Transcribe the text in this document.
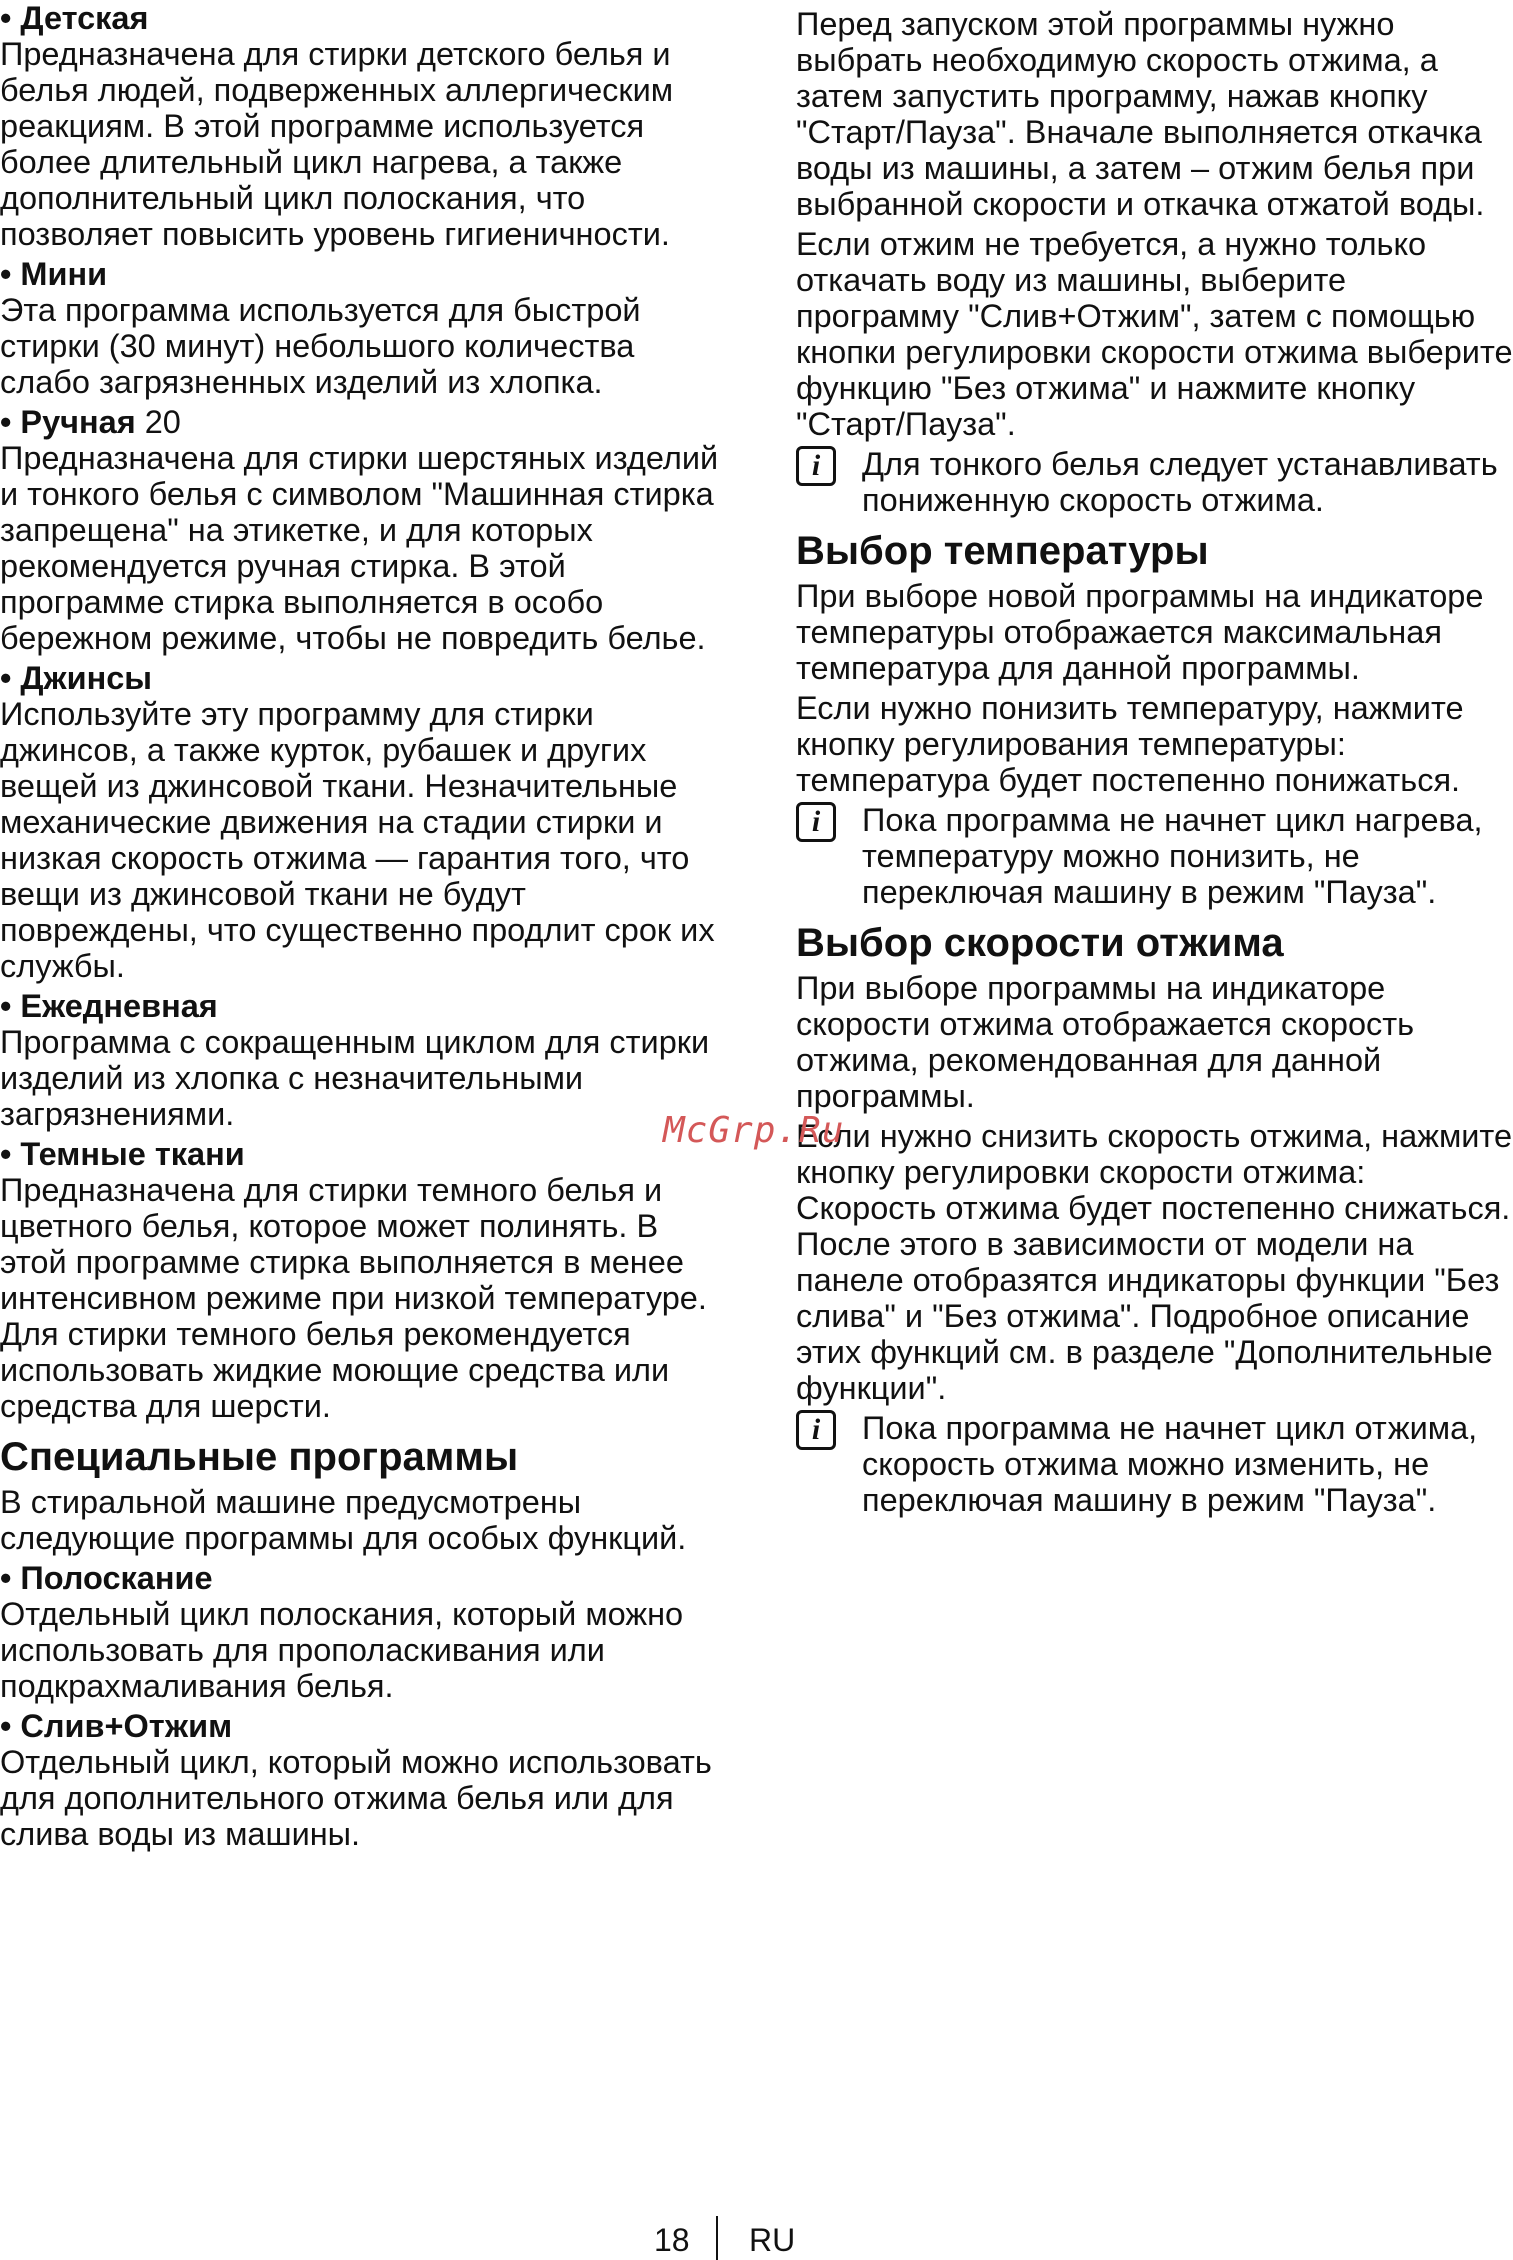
• Детская

Предназначена для стирки детского белья и белья людей, подверженных аллергическим реакциям. В этой программе используется более длительный цикл нагрева, а также дополнительный цикл полоскания, что позволяет повысить уровень гигиеничности.

• Мини

Эта программа используется для быстрой стирки (30 минут) небольшого количества слабо загрязненных изделий из хлопка.

• Ручная 20

Предназначена для стирки шерстяных изделий и тонкого белья с символом "Машинная стирка запрещена" на этикетке, и для которых рекомендуется ручная стирка. В этой программе стирка выполняется в особо бережном режиме, чтобы не повредить белье.

• Джинсы

Используйте эту программу для стирки джинсов, а также курток, рубашек и других вещей из джинсовой ткани. Незначительные механические движения на стадии стирки и низкая скорость отжима — гарантия того, что вещи из джинсовой ткани не будут повреждены, что существенно продлит срок их службы.

• Ежедневная

Программа с сокращенным циклом для стирки изделий из хлопка с незначительными загрязнениями.

• Темные ткани

Предназначена для стирки темного белья и цветного белья, которое может полинять. В этой программе стирка выполняется в менее интенсивном режиме при низкой температуре. Для стирки темного белья рекомендуется использовать жидкие моющие средства или средства для шерсти.

Специальные программы

В стиральной машине предусмотрены следующие программы для особых функций.

• Полоскание

Отдельный цикл полоскания, который можно использовать для прополаскивания или подкрахмаливания белья.

• Слив+Отжим

Отдельный цикл, который можно использовать для дополнительного отжима белья или для слива воды из машины.

Перед запуском этой программы нужно выбрать необходимую скорость отжима, а затем запустить программу, нажав кнопку "Старт/Пауза". Вначале выполняется откачка воды из машины, а затем – отжим белья при выбранной скорости и откачка отжатой воды.

Если отжим не требуется, а нужно только откачать воду из машины, выберите программу "Слив+Отжим", затем с помощью кнопки регулировки скорости отжима выберите функцию "Без отжима" и нажмите кнопку "Старт/Пауза".

i Для тонкого белья следует устанавливать пониженную скорость отжима.

Выбор температуры

При выборе новой программы на индикаторе температуры отображается максимальная температура для данной программы.

Если нужно понизить температуру, нажмите кнопку регулирования температуры: температура будет постепенно понижаться.

i Пока программа не начнет цикл нагрева, температуру можно понизить, не переключая машину в режим "Пауза".

Выбор скорости отжима

При выборе программы на индикаторе скорости отжима отображается скорость отжима, рекомендованная для данной программы.

Если нужно снизить скорость отжима, нажмите кнопку регулировки скорости отжима: Скорость отжима будет постепенно снижаться. После этого в зависимости от модели на панеле отобразятся индикаторы функции "Без слива" и "Без отжима". Подробное описание этих функций см. в разделе "Дополнительные функции".

i Пока программа не начнет цикл отжима, скорость отжима можно изменить, не переключая машину в режим "Пауза".

McGrp.Ru
18 RU
